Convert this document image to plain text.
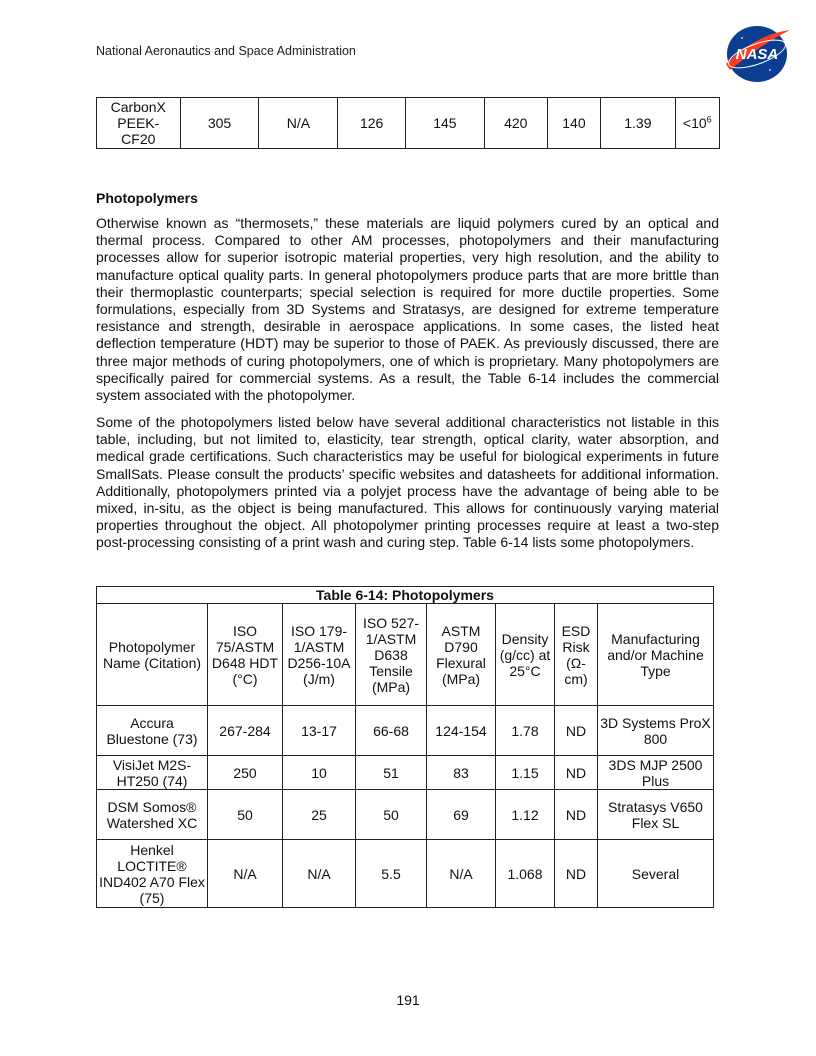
National Aeronautics and Space Administration	NASA
CarbonX
PEEK-
CF20	305	N/A	126	145	420	140	1.39	$<10^6$
Photopolymers

Otherwise known as “thermosets,” these materials are liquid polymers cured by an optical and thermal process. Compared to other AM processes, photopolymers and their manufacturing processes allow for superior isotropic material properties, very high resolution, and the ability to manufacture optical quality parts. In general photopolymers produce parts that are more brittle than their thermoplastic counterparts; special selection is required for more ductile properties. Some formulations, especially from 3D Systems and Stratasys, are designed for extreme temperature resistance and strength, desirable in aerospace applications. In some cases, the listed heat deflection temperature (HDT) may be superior to those of PAEK. As previously discussed, there are three major methods of curing photopolymers, one of which is proprietary. Many photopolymers are specifically paired for commercial systems. As a result, the Table 6-14 includes the commercial system associated with the photopolymer.

Some of the photopolymers listed below have several additional characteristics not listable in this table, including, but not limited to, elasticity, tear strength, optical clarity, water absorption, and medical grade certifications. Such characteristics may be useful for biological experiments in future SmallSats. Please consult the products’ specific websites and datasheets for additional information. Additionally, photopolymers printed via a polyjet process have the advantage of being able to be mixed, in-situ, as the object is being manufactured. This allows for continuously varying material properties throughout the object. All photopolymer printing processes require at least a two-step post-processing consisting of a print wash and curing step. Table 6-14 lists some photopolymers.

Table 6-14: Photopolymers							
Photopolymer Name (Citation)	ISO 75/ASTM D648 HDT (°C)	ISO 179-1/ASTM D256-10A (J/m)	ISO 527-1/ASTM D638 Tensile (MPa)	ASTM D790 Flexural (MPa)	Density (g/cc) at 25°C	ESD Risk (Ω-cm)	Manufacturing and/or Machine Type
Accura Bluestone (73)	267-284	13-17	66-68	124-154	1.78	ND	3D Systems ProX 800
VisiJet M2S-HT250 (74)	250	10	51	83	1.15	ND	3DS MJP 2500 Plus
DSM Somos® Watershed XC	50	25	50	69	1.12	ND	Stratasys V650 Flex SL
Henkel LOCTITE® IND402 A70 Flex (75)	N/A	N/A	5.5	N/A	1.068	ND	Several
191
